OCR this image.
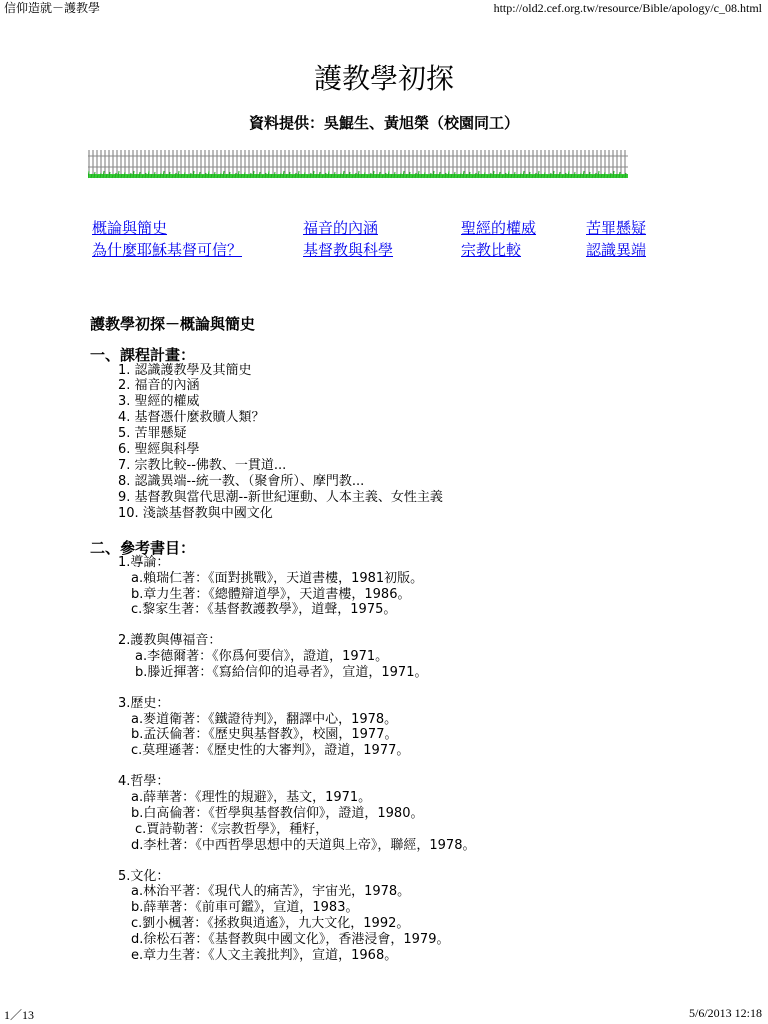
信仰造就－護教學	http://old2.cef.org.tw/resource/Bible/apology/c_08.html
護教學初探
資料提供：吳鯤生、黃旭榮（校園同工）
概論與簡史	福音的內涵	聖經的權威	苦罪懸疑
為什麼耶穌基督可信？	基督教與科學	宗教比較	認識異端
護教學初探－概論與簡史
一、課程計畫：
1. 認識護教學及其簡史
2. 福音的內涵
3. 聖經的權威
4. 基督憑什麼救贖人類？
5. 苦罪懸疑
6. 聖經與科學
7. 宗教比較--佛教、一貫道...
8. 認識異端--統一教、（聚會所）、摩門教...
9. 基督教與當代思潮--新世紀運動、人本主義、女性主義
10. 淺談基督教與中國文化
二、參考書目：
1.導論：
a.賴瑞仁著：《面對挑戰》，天道書樓，1981初版。
b.章力生著：《總體辯道學》，天道書樓，1986。
c.黎家生著：《基督教護教學》，道聲，1975。
2.護教與傳福音：
a.李德爾著：《你爲何要信》，證道，1971。
b.滕近揮著：《寫給信仰的追尋者》，宣道，1971。
3.歷史：
a.麥道衛著：《鐵證待判》，翻譯中心，1978。
b.孟沃倫著：《歷史與基督教》，校園，1977。
c.莫理遜著：《歷史性的大審判》，證道，1977。
4.哲學：
a.薛華著：《理性的規避》，基文，1971。
b.白高倫著：《哲學與基督教信仰》，證道，1980。
c.賈詩勒著：《宗教哲學》，種籽，
d.李杜著：《中西哲學思想中的天道與上帝》，聯經，1978。
5.文化：
a.林治平著：《現代人的痛苦》，宇宙光，1978。
b.薛華著：《前車可鑑》，宣道，1983。
c.劉小楓著：《拯救與逍遙》，九大文化，1992。
d.徐松石著：《基督教與中國文化》，香港浸會，1979。
e.章力生著：《人文主義批判》，宣道，1968。
1／13	5/6/2013 12:18
